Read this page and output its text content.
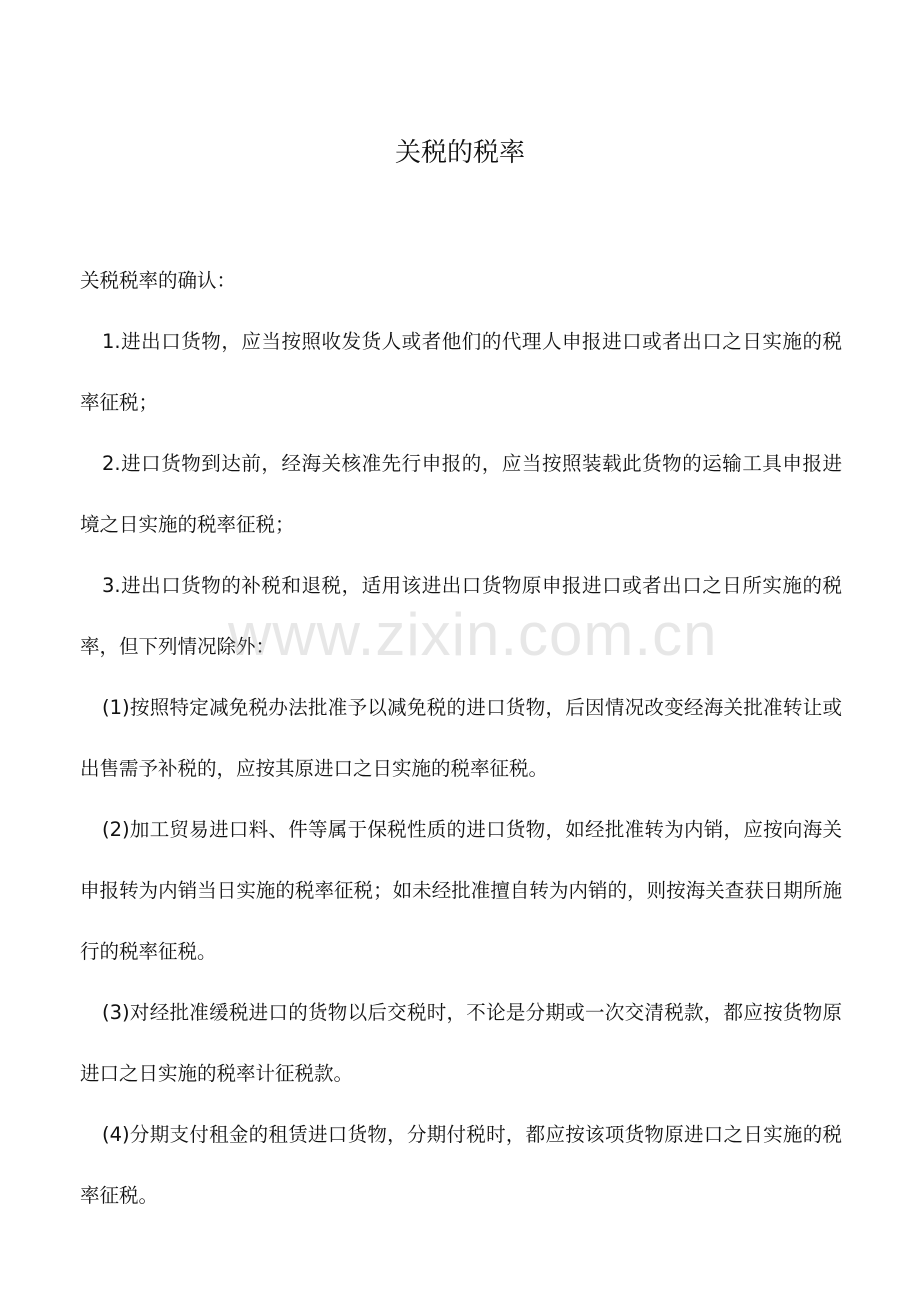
关税的税率

关税税率的确认：

1.进出口货物，应当按照收发货人或者他们的代理人申报进口或者出口之日实施的税率征税；

2.进口货物到达前，经海关核准先行申报的，应当按照装载此货物的运输工具申报进境之日实施的税率征税；

3.进出口货物的补税和退税，适用该进出口货物原申报进口或者出口之日所实施的税率，但下列情况除外：

(1)按照特定减免税办法批准予以减免税的进口货物，后因情况改变经海关批准转让或出售需予补税的，应按其原进口之日实施的税率征税。

(2)加工贸易进口料、件等属于保税性质的进口货物，如经批准转为内销，应按向海关申报转为内销当日实施的税率征税；如未经批准擅自转为内销的，则按海关查获日期所施行的税率征税。

(3)对经批准缓税进口的货物以后交税时，不论是分期或一次交清税款，都应按货物原进口之日实施的税率计征税款。

(4)分期支付租金的租赁进口货物，分期付税时，都应按该项货物原进口之日实施的税率征税。

www.zixin.com.cn
